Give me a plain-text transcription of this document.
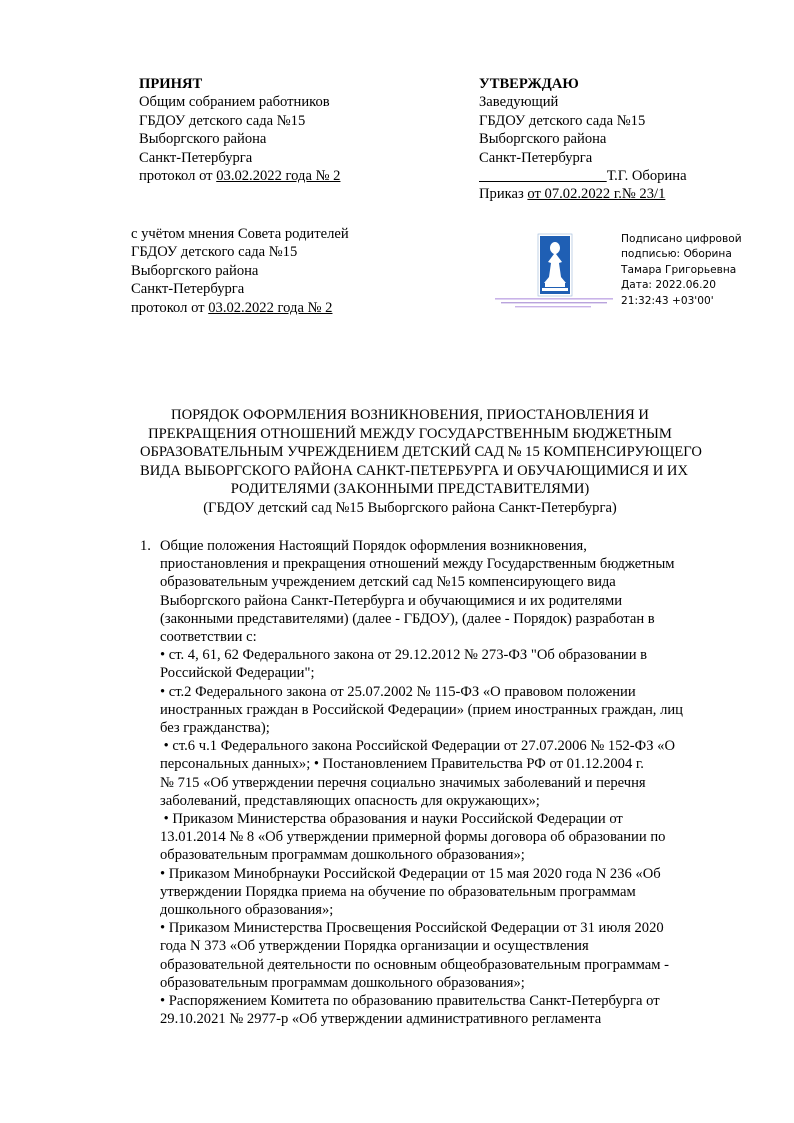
ПРИНЯТ
Общим собранием работников
ГБДОУ детского сада №15
Выборгского района
Санкт-Петербурга
протокол от 03.02.2022 года № 2
УТВЕРЖДАЮ
Заведующий
ГБДОУ детского сада №15
Выборгского района
Санкт-Петербурга
Т.Г. Оборина
Приказ от 07.02.2022 г.№ 23/1
с учётом мнения Совета родителей
ГБДОУ детского сада №15
Выборгского района
Санкт-Петербурга
протокол от 03.02.2022 года № 2
Подписано цифровой
подписью: Оборина
Тамара Григорьевна
Дата: 2022.06.20
21:32:43 +03'00'
ПОРЯДОК ОФОРМЛЕНИЯ ВОЗНИКНОВЕНИЯ, ПРИОСТАНОВЛЕНИЯ И
ПРЕКРАЩЕНИЯ ОТНОШЕНИЙ МЕЖДУ ГОСУДАРСТВЕННЫМ БЮДЖЕТНЫМ
ОБРАЗОВАТЕЛЬНЫМ УЧРЕЖДЕНИЕМ ДЕТСКИЙ САД № 15 КОМПЕНСИРУЮЩЕГО
ВИДА ВЫБОРГСКОГО РАЙОНА САНКТ-ПЕТЕРБУРГА И ОБУЧАЮЩИМИСЯ И ИХ
РОДИТЕЛЯМИ (ЗАКОННЫМИ ПРЕДСТАВИТЕЛЯМИ)
(ГБДОУ детский сад №15 Выборгского района Санкт-Петербурга)
1. Общие положения Настоящий Порядок оформления возникновения,
приостановления и прекращения отношений между Государственным бюджетным
образовательным учреждением детский сад №15 компенсирующего вида
Выборгского района Санкт-Петербурга и обучающимися и их родителями
(законными представителями) (далее - ГБДОУ), (далее - Порядок) разработан в
соответствии с:
• ст. 4, 61, 62 Федерального закона от 29.12.2012 № 273-ФЗ "Об образовании в
Российской Федерации";
• ст.2 Федерального закона от 25.07.2002 № 115-ФЗ «О правовом положении
иностранных граждан в Российской Федерации» (прием иностранных граждан, лиц
без гражданства);
• ст.6 ч.1 Федерального закона Российской Федерации от 27.07.2006 № 152-ФЗ «О
персональных данных»; • Постановлением Правительства РФ от 01.12.2004 г.
№ 715 «Об утверждении перечня социально значимых заболеваний и перечня
заболеваний, представляющих опасность для окружающих»;
• Приказом Министерства образования и науки Российской Федерации от
13.01.2014 № 8 «Об утверждении примерной формы договора об образовании по
образовательным программам дошкольного образования»;
• Приказом Минобрнауки Российской Федерации от 15 мая 2020 года N 236 «Об
утверждении Порядка приема на обучение по образовательным программам
дошкольного образования»;
• Приказом Министерства Просвещения Российской Федерации от 31 июля 2020
года N 373 «Об утверждении Порядка организации и осуществления
образовательной деятельности по основным общеобразовательным программам -
образовательным программам дошкольного образования»;
• Распоряжением Комитета по образованию правительства Санкт-Петербурга от
29.10.2021 № 2977-р «Об утверждении административного регламента
